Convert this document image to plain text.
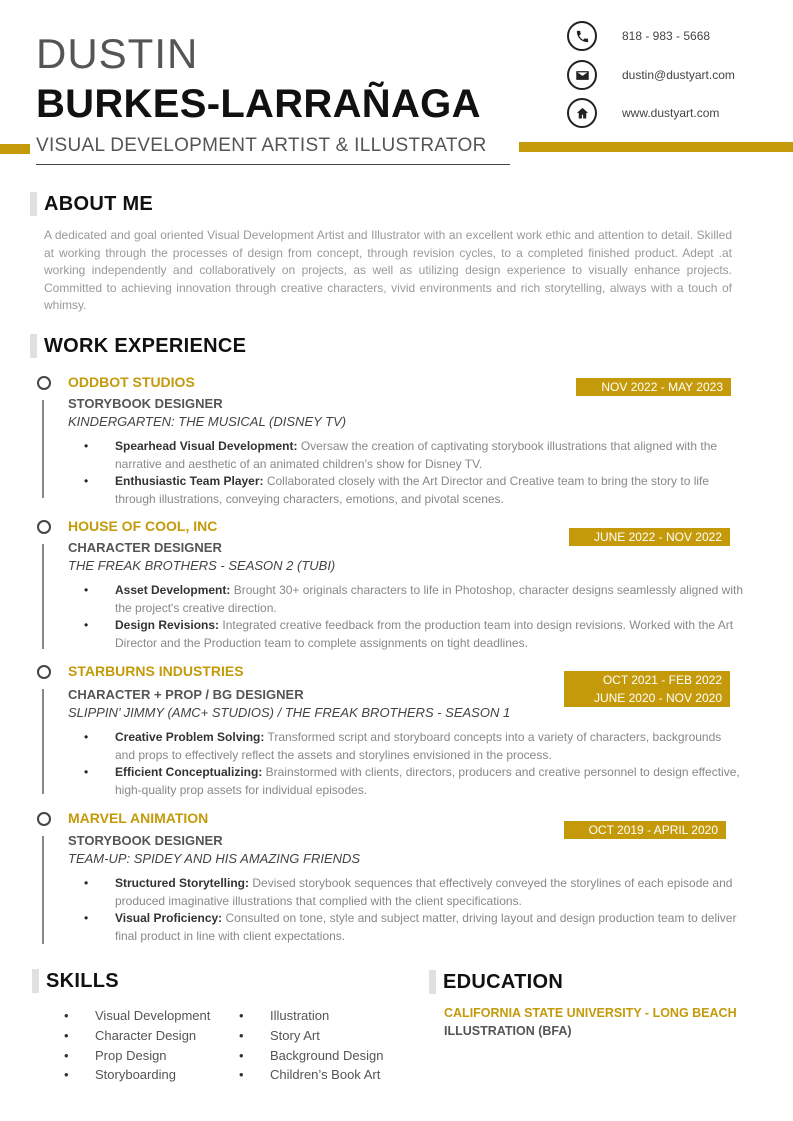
DUSTIN
BURKES-LARRAÑAGA
VISUAL DEVELOPMENT ARTIST & ILLUSTRATOR
818 - 983 - 5668
dustin@dustyart.com
www.dustyart.com
ABOUT ME

A dedicated and goal oriented Visual Development Artist and Illustrator with an excellent work ethic and attention to detail. Skilled at working through the processes of design from concept, through revision cycles, to a completed finished product. Adept .at working independently and collaboratively on projects, as well as utilizing design experience to visually enhance projects. Committed to achieving innovation through creative characters, vivid environments and rich storytelling, always with a touch of whimsy.

WORK EXPERIENCE
ODDBOT STUDIOS	NOV 2022 - MAY 2023
STORYBOOK DESIGNER
KINDERGARTEN: THE MUSICAL (DISNEY TV)
• Spearhead Visual Development: Oversaw the creation of captivating storybook illustrations that aligned with the narrative and aesthetic of an animated children’s show for Disney TV.
• Enthusiastic Team Player: Collaborated closely with the Art Director and Creative team to bring the story to life through illustrations, conveying characters, emotions, and pivotal scenes.
HOUSE OF COOL, INC
JUNE 2022 - NOV 2022
CHARACTER DESIGNER
THE FREAK BROTHERS - SEASON 2 (TUBI)
• Asset Development: Brought 30+ originals characters to life in Photoshop, character designs seamlessly aligned with the project's creative direction.
• Design Revisions: Integrated creative feedback from the production team into design revisions. Worked with the Art Director and the Production team to complete assignments on tight deadlines.
STARBURNS INDUSTRIES
OCT 2021 - FEB 2022
JUNE 2020 - NOV 2020
CHARACTER + PROP / BG DESIGNER
SLIPPIN’ JIMMY (AMC+ STUDIOS) / THE FREAK BROTHERS - SEASON 1
• Creative Problem Solving: Transformed script and storyboard concepts into a variety of characters, backgrounds and props to effectively reflect the assets and storylines envisioned in the process.
• Efficient Conceptualizing: Brainstormed with clients, directors, producers and creative personnel to design effective, high-quality prop assets for individual episodes.
MARVEL ANIMATION
OCT 2019 - APRIL 2020
STORYBOOK DESIGNER
TEAM-UP: SPIDEY AND HIS AMAZING FRIENDS
• Structured Storytelling: Devised storybook sequences that effectively conveyed the storylines of each episode and produced imaginative illustrations that complied with the client specifications.
• Visual Proficiency: Consulted on tone, style and subject matter, driving layout and design production team to deliver final product in line with client expectations.
SKILLS
• Visual Development
• Character Design
• Prop Design
• Storyboarding
• Illustration
• Story Art
• Background Design
• Children’s Book Art
EDUCATION
CALIFORNIA STATE UNIVERSITY - LONG BEACH
ILLUSTRATION (BFA)
